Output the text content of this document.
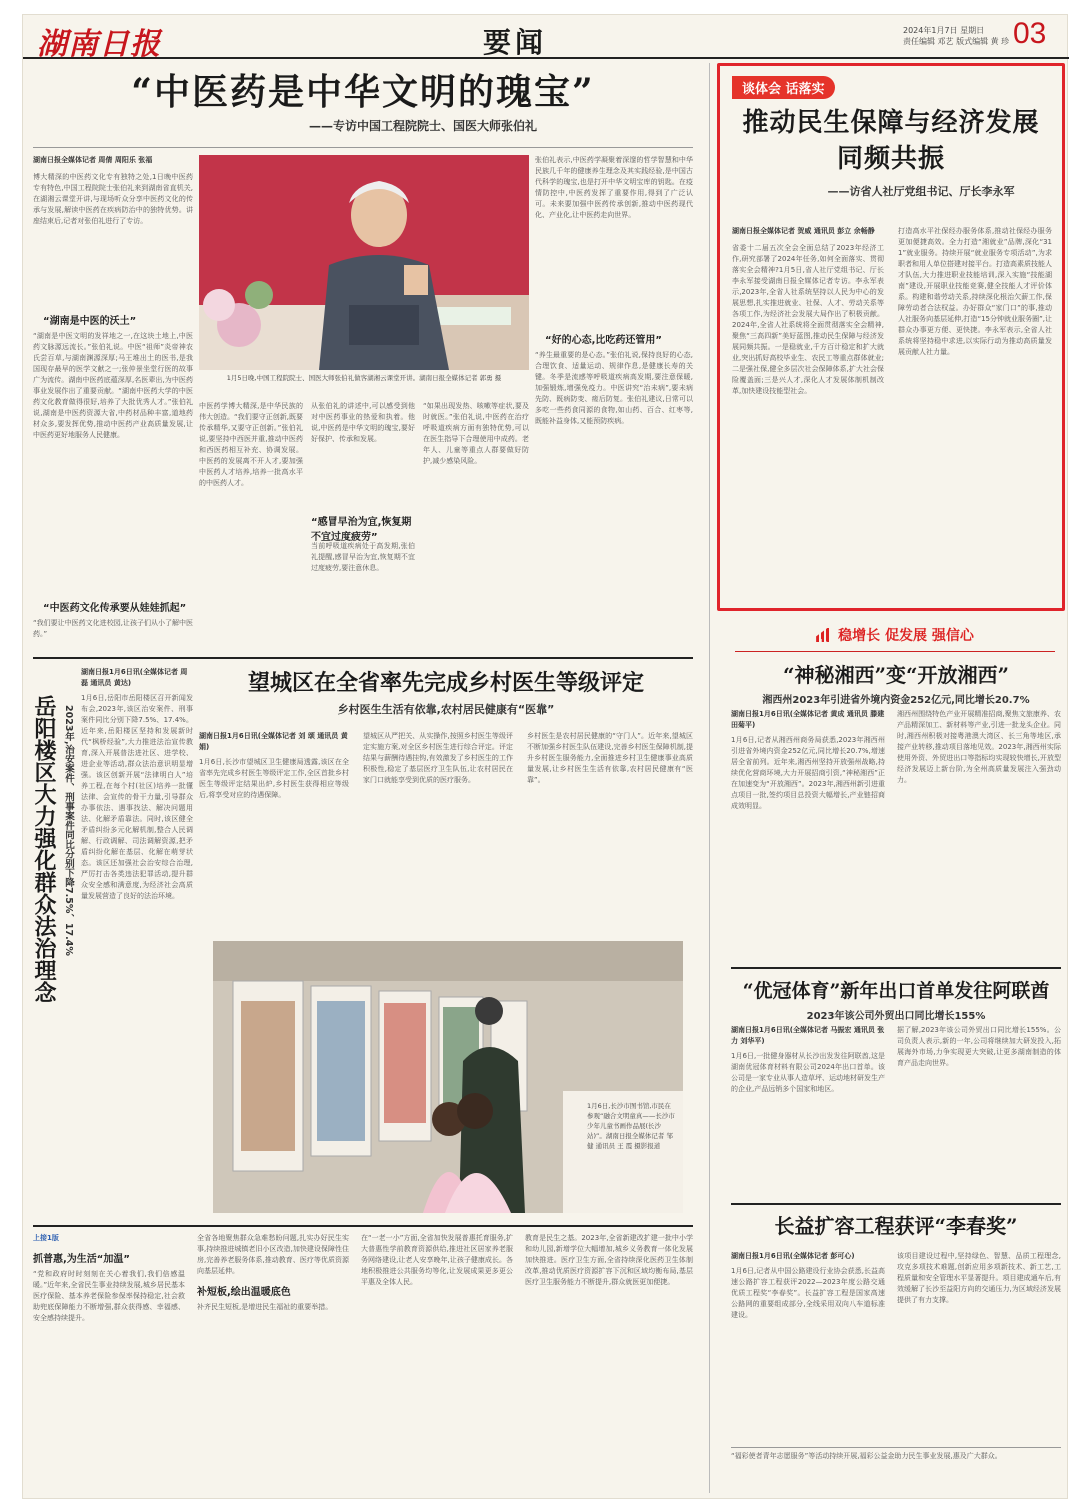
湖南日报	要闻	2024年1月7日 星期日
责任编辑 邓艺 版式编辑 黄 珍 03
“中医药是中华文明的瑰宝”
——专访中国工程院院士、国医大师张伯礼
湖南日报全媒体记者 周倩 周阳乐 张福
博大精深的中医药文化专有独特之处,1日晚中医药专有特色,中国工程院院士张伯礼来到湖南省直机关,在湖湘云课堂开讲,与现场听众分享中医药文化的传承与发展,解读中医药在疾病防治中的独特优势。讲座结束后,记者对张伯礼进行了专访。
“湖南是中医的沃土”
“湖南是中医文明的发祥地之一,在这块土地上,中医药文脉源远流长。”张伯礼说。中医“祖师”炎帝神农氏尝百草,与湖南渊源深厚;马王堆出土的医书,是我国现存最早的医学文献之一;张仲景坐堂行医的故事广为流传。湖南中医药底蕴深厚,名医辈出,为中医药事业发展作出了重要贡献。“湖南中医药大学的中医药文化教育做得很好,培养了大批优秀人才。”张伯礼说,湖南是中医药资源大省,中药材品种丰富,道地药材众多,要发挥优势,推动中医药产业高质量发展,让中医药更好地服务人民健康。
“中医药文化传承要从娃娃抓起”
“我们要让中医药文化进校园,让孩子们从小了解中医药。”
1月5日晚,中国工程院院士、国医大师张伯礼做客湖湘云课堂开讲。湖南日报全媒体记者 郭勇 摄
张伯礼表示,中医药学凝聚着深邃的哲学智慧和中华民族几千年的健康养生理念及其实践经验,是中国古代科学的瑰宝,也是打开中华文明宝库的钥匙。在疫情防控中,中医药发挥了重要作用,得到了广泛认可。未来要加强中医药传承创新,推动中医药现代化、产业化,让中医药走向世界。
“好的心态,比吃药还管用”
“养生最重要的是心态。”张伯礼说,保持良好的心态,合理饮食、适量运动、规律作息,是健康长寿的关键。冬季是流感等呼吸道疾病高发期,要注意保暖,加强锻炼,增强免疫力。中医讲究“治未病”,要未病先防、既病防变、瘥后防复。张伯礼建议,日常可以多吃一些药食同源的食物,如山药、百合、红枣等,既能补益身体,又能预防疾病。
中医药学博大精深,是中华民族的伟大创造。“我们要守正创新,既要传承精华,又要守正创新。”张伯礼说,要坚持中西医并重,推动中医药和西医药相互补充、协调发展。中医药的发展离不开人才,要加强中医药人才培养,培养一批高水平的中医药人才。
从张伯礼的讲述中,可以感受到他对中医药事业的热爱和执着。他说,中医药是中华文明的瑰宝,要好好保护、传承和发展。
“感冒早治为宜,恢复期不宜过度疲劳”
当前呼吸道疾病处于高发期,张伯礼提醒,感冒早治为宜,恢复期不宜过度疲劳,要注意休息。
“如果出现发热、咳嗽等症状,要及时就医。”张伯礼说,中医药在治疗呼吸道疾病方面有独特优势,可以在医生指导下合理使用中成药。老年人、儿童等重点人群要做好防护,减少感染风险。
谈体会 话落实
推动民生保障与经济发展同频共振
——访省人社厅党组书记、厅长李永军
湖南日报全媒体记者 贺威 通讯员 彭立 余畅静
省委十二届五次全会全面总结了2023年经济工作,研究部署了2024年任务,如何全面落实、贯彻落实全会精神?1月5日,省人社厅党组书记、厅长李永军接受湖南日报全媒体记者专访。李永军表示,2023年,全省人社系统坚持以人民为中心的发展思想,扎实推进就业、社保、人才、劳动关系等各项工作,为经济社会发展大局作出了积极贡献。2024年,全省人社系统将全面贯彻落实全会精神,聚焦“三高四新”美好蓝图,推动民生保障与经济发展同频共振。一是稳就业,千方百计稳定和扩大就业,突出抓好高校毕业生、农民工等重点群体就业;二是强社保,健全多层次社会保障体系,扩大社会保险覆盖面;三是兴人才,深化人才发展体制机制改革,加快建设技能型社会。
打造高水平社保经办服务体系,推动社保经办服务更加便捷高效。全力打造“湘就业”品牌,深化“311”就业服务。持续开展“就业服务专项活动”,为求职者和用人单位搭建对接平台。打造高素质技能人才队伍,大力推进职业技能培训,深入实施“技能湖南”建设,开展职业技能竞赛,健全技能人才评价体系。构建和谐劳动关系,持续深化根治欠薪工作,保障劳动者合法权益。办好群众“家门口”的事,推动人社服务向基层延伸,打造“15分钟就业服务圈”,让群众办事更方便、更快捷。李永军表示,全省人社系统将坚持稳中求进,以实际行动为推动高质量发展贡献人社力量。
稳增长 促发展 强信心
“神秘湘西”变“开放湘西”
湘西州2023年引进省外境内资金252亿元,同比增长20.7%
湖南日报1月6日讯(全媒体记者 黄成 通讯员 滕建 田菊平)
1月6日,记者从湘西州商务局获悉,2023年湘西州引进省外境内资金252亿元,同比增长20.7%,增速居全省前列。近年来,湘西州坚持开放强州战略,持续优化营商环境,大力开展招商引资,“神秘湘西”正在加速变为“开放湘西”。2023年,湘西州新引进重点项目一批,签约项目总投资大幅增长,产业链招商成效明显。
湘西州围绕特色产业开展精准招商,聚焦文旅康养、农产品精深加工、新材料等产业,引进一批龙头企业。同时,湘西州积极对接粤港澳大湾区、长三角等地区,承接产业转移,推动项目落地见效。2023年,湘西州实际使用外资、外贸进出口等指标均实现较快增长,开放型经济发展迈上新台阶,为全州高质量发展注入强劲动力。
“优冠体育”新年出口首单发往阿联酋
2023年该公司外贸出口同比增长155%
湖南日报1月6日讯(全媒体记者 马振宏 通讯员 张力 刘华平)
1月6日,一批健身器材从长沙出发发往阿联酋,这是湖南优冠体育材料有限公司2024年出口首单。该公司是一家专业从事人造草坪、运动地材研发生产的企业,产品远销多个国家和地区。
据了解,2023年该公司外贸出口同比增长155%。公司负责人表示,新的一年,公司将继续加大研发投入,拓展海外市场,力争实现更大突破,让更多湖南制造的体育产品走向世界。
长益扩容工程获评“李春奖”
湖南日报1月6日讯(全媒体记者 彭可心)
1月6日,记者从中国公路建设行业协会获悉,长益高速公路扩容工程获评2022—2023年度公路交通优质工程奖“李春奖”。长益扩容工程是国家高速公路网的重要组成部分,全线采用双向八车道标准建设。
该项目建设过程中,坚持绿色、智慧、品质工程理念,攻克多项技术难题,创新应用多项新技术、新工艺,工程质量和安全管理水平显著提升。项目建成通车后,有效缓解了长沙至益阳方向的交通压力,为区域经济发展提供了有力支撑。
“福彩使者青年志愿服务”等活动持续开展,福彩公益金助力民生事业发展,惠及广大群众。
望城区在全省率先完成乡村医生等级评定
乡村医生生活有依靠,农村居民健康有“医靠”
湖南日报1月6日讯(全媒体记者 刘 颂 通讯员 黄 娟)
1月6日,长沙市望城区卫生健康局透露,该区在全省率先完成乡村医生等级评定工作,全区首批乡村医生等级评定结果出炉,乡村医生获得相应等级后,将享受对应的待遇保障。
望城区从严把关、从实操作,按照乡村医生等级评定实施方案,对全区乡村医生进行综合评定。评定结果与薪酬待遇挂钩,有效激发了乡村医生的工作积极性,稳定了基层医疗卫生队伍,让农村居民在家门口就能享受到优质的医疗服务。
乡村医生是农村居民健康的“守门人”。近年来,望城区不断加强乡村医生队伍建设,完善乡村医生保障机制,提升乡村医生服务能力,全面推进乡村卫生健康事业高质量发展,让乡村医生生活有依靠,农村居民健康有“医靠”。
岳阳楼区大力强化群众法治理念 2023年,治安案件、刑事案件同比分别下降7.5%、17.4%
湖南日报1月6日讯(全媒体记者 周磊 通讯员 黄达)
1月6日,岳阳市岳阳楼区召开新闻发布会,2023年,该区治安案件、刑事案件同比分别下降7.5%、17.4%。近年来,岳阳楼区坚持和发展新时代“枫桥经验”,大力推进法治宣传教育,深入开展普法进社区、进学校、进企业等活动,群众法治意识明显增强。该区创新开展“法律明白人”培养工程,在每个村(社区)培养一批懂法律、会宣传的骨干力量,引导群众办事依法、遇事找法、解决问题用法、化解矛盾靠法。同时,该区健全矛盾纠纷多元化解机制,整合人民调解、行政调解、司法调解资源,把矛盾纠纷化解在基层、化解在萌芽状态。该区还加强社会治安综合治理,严厉打击各类违法犯罪活动,提升群众安全感和满意度,为经济社会高质量发展营造了良好的法治环境。
1月6日,长沙市图书馆,市民在参观“融合文明童真——长沙市少年儿童书画作品展(长沙站)”。湖南日报全媒体记者 邹健 通讯员 王 霞 摄影报道
上接1版
抓普惠,为生活“加温”
“党和政府时时刻刻在关心着我们,我们倍感温暖。”近年来,全省民生事业持续发展,城乡居民基本医疗保险、基本养老保险参保率保持稳定,社会救助兜底保障能力不断增强,群众获得感、幸福感、安全感持续提升。
全省各地聚焦群众急难愁盼问题,扎实办好民生实事,持续推进城镇老旧小区改造,加快建设保障性住房,完善养老服务体系,推动教育、医疗等优质资源向基层延伸。
补短板,绘出温暖底色
补齐民生短板,是增进民生福祉的重要举措。
在“一老一小”方面,全省加快发展普惠托育服务,扩大普惠性学前教育资源供给,推进社区居家养老服务网络建设,让老人安享晚年,让孩子健康成长。各地积极推进公共服务均等化,让发展成果更多更公平惠及全体人民。
教育是民生之基。2023年,全省新建改扩建一批中小学和幼儿园,新增学位大幅增加,城乡义务教育一体化发展加快推进。医疗卫生方面,全省持续深化医药卫生体制改革,推动优质医疗资源扩容下沉和区域均衡布局,基层医疗卫生服务能力不断提升,群众就医更加便捷。
